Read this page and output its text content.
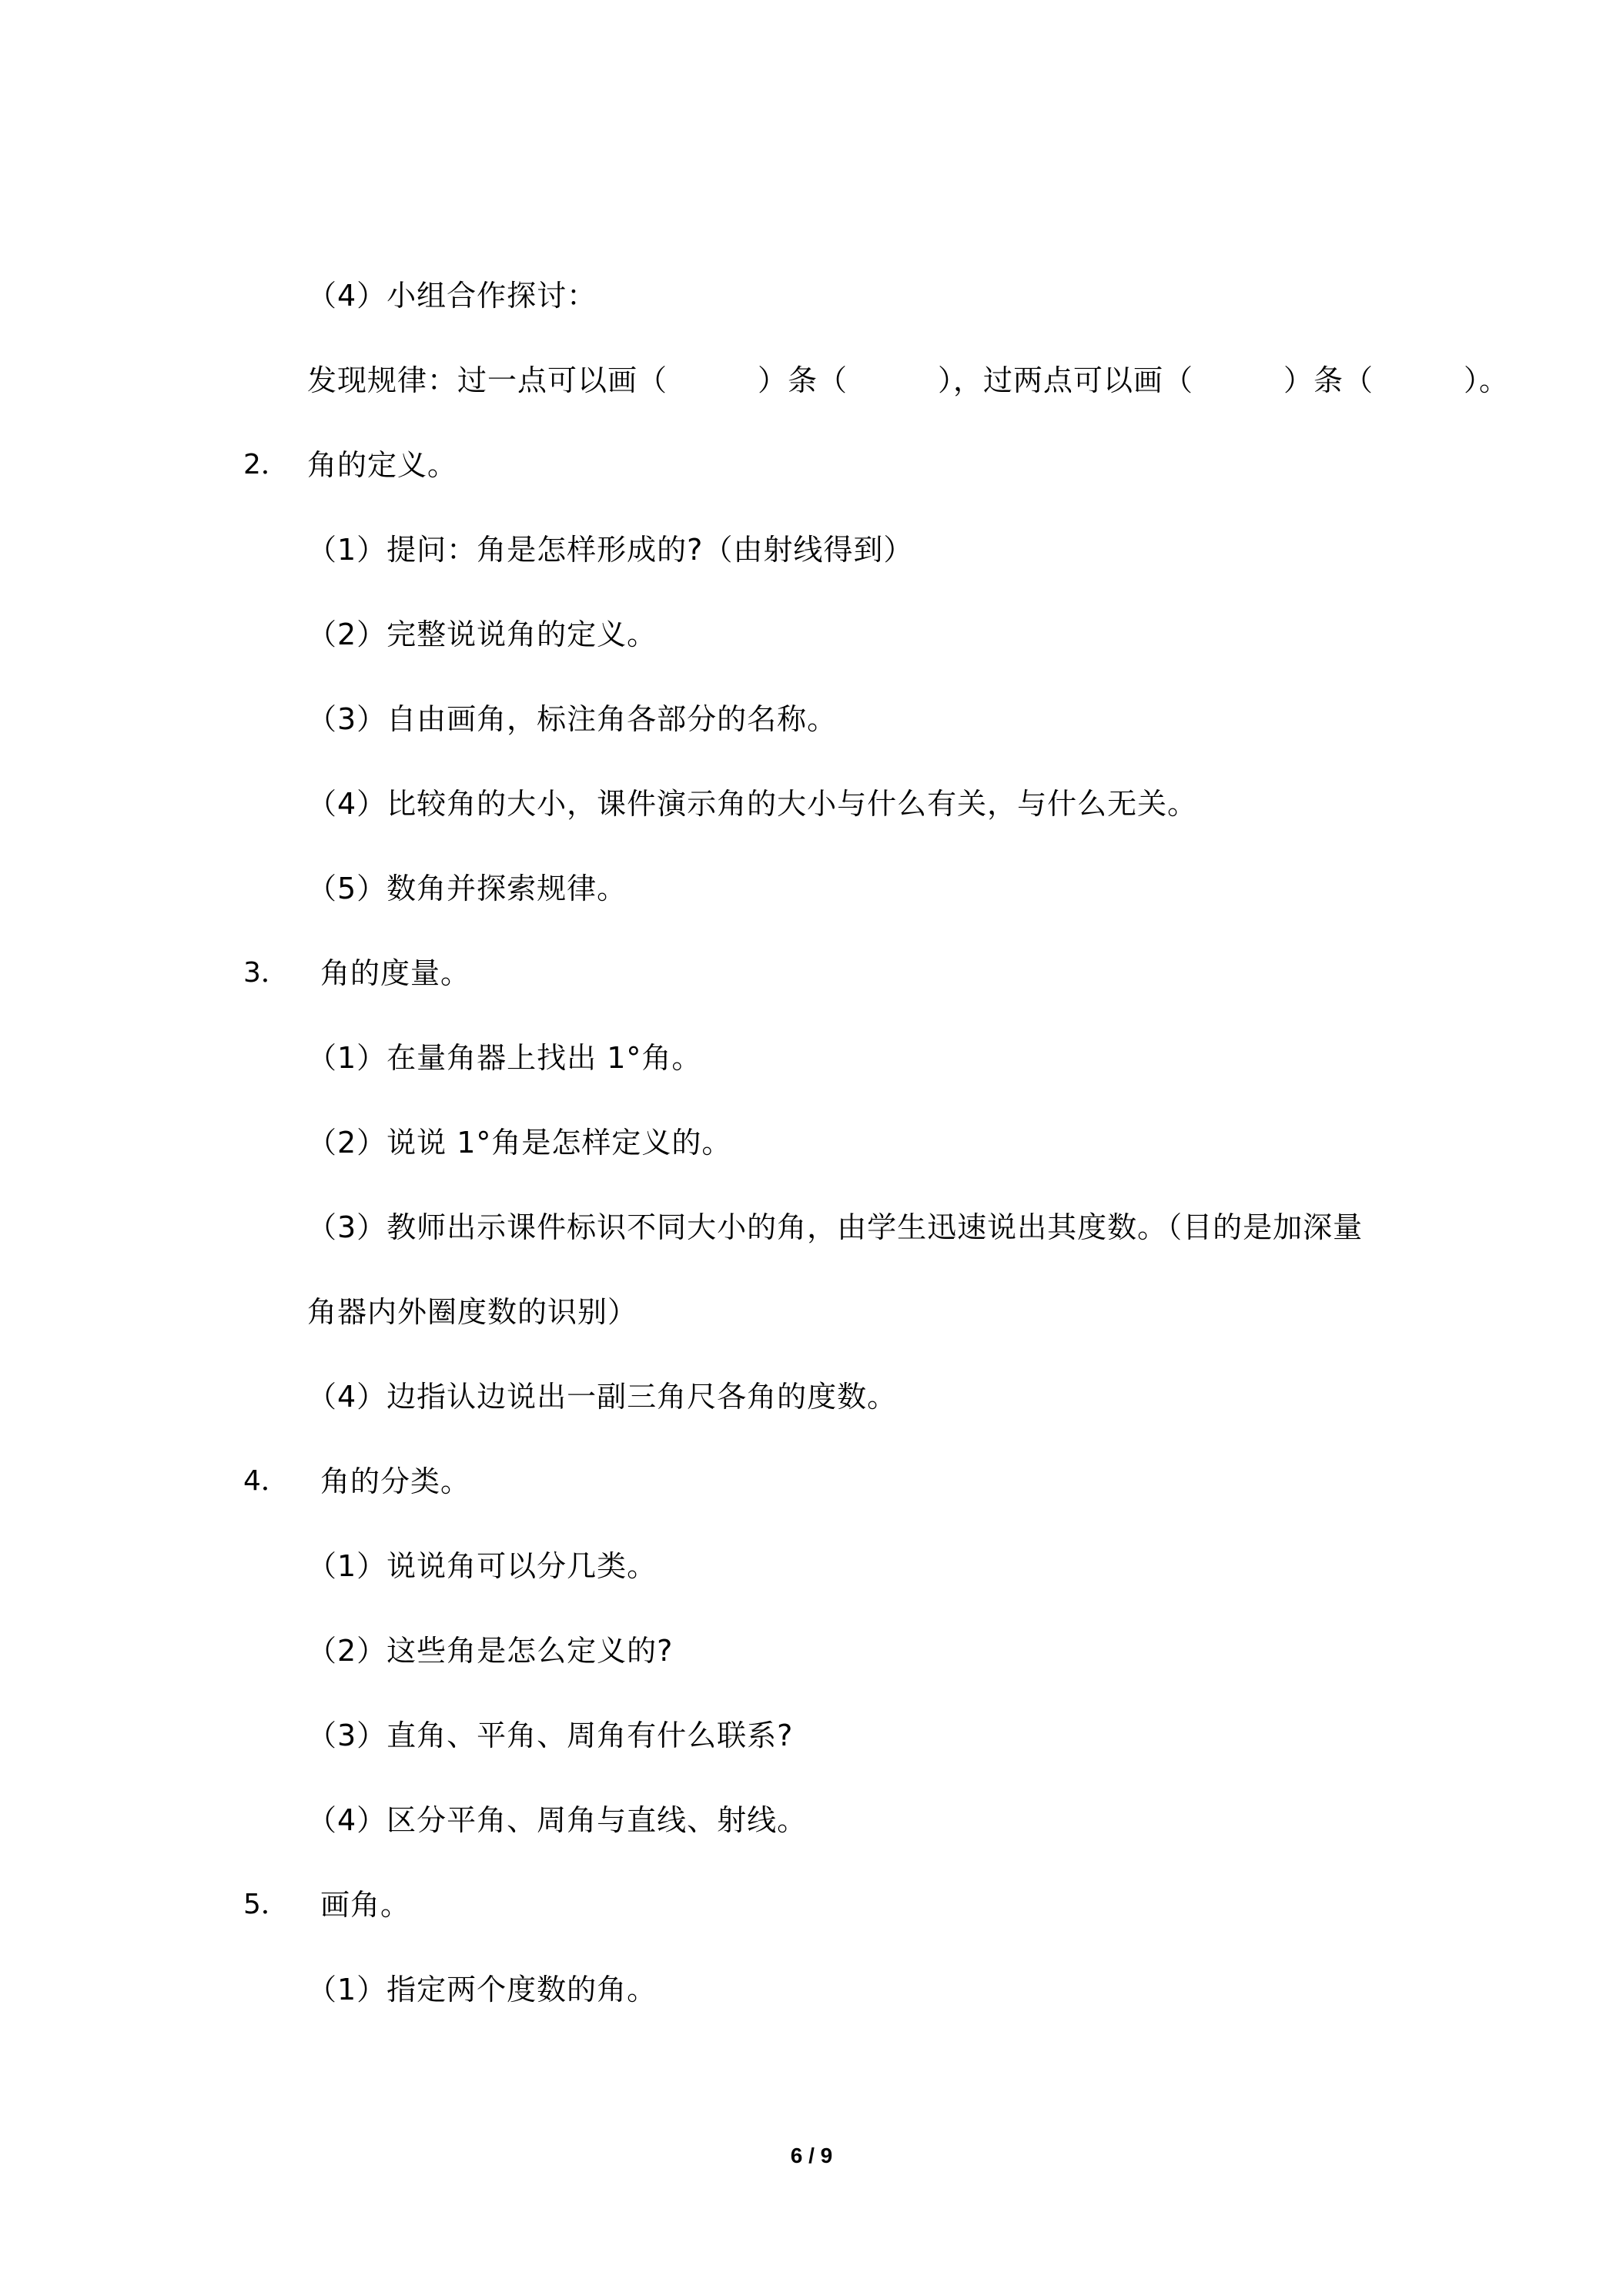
（4）小组合作探讨：
发现规律：过一点可以画（　　　）条（　　　），过两点可以画（　　　）条（　　　）。
2． 角的定义。
（1）提问：角是怎样形成的?（由射线得到）
（2）完整说说角的定义。
（3）自由画角，标注角各部分的名称。
（4）比较角的大小，课件演示角的大小与什么有关，与什么无关。
（5）数角并探索规律。
3． 角的度量。
（1）在量角器上找出 1°角。
（2）说说 1°角是怎样定义的。
（3）教师出示课件标识不同大小的角，由学生迅速说出其度数。（目的是加深量
角器内外圈度数的识别）
（4）边指认边说出一副三角尺各角的度数。
4． 角的分类。
（1）说说角可以分几类。
（2）这些角是怎么定义的?
（3）直角、平角、周角有什么联系?
（4）区分平角、周角与直线、射线。
5． 画角。
（1）指定两个度数的角。
6 / 9
